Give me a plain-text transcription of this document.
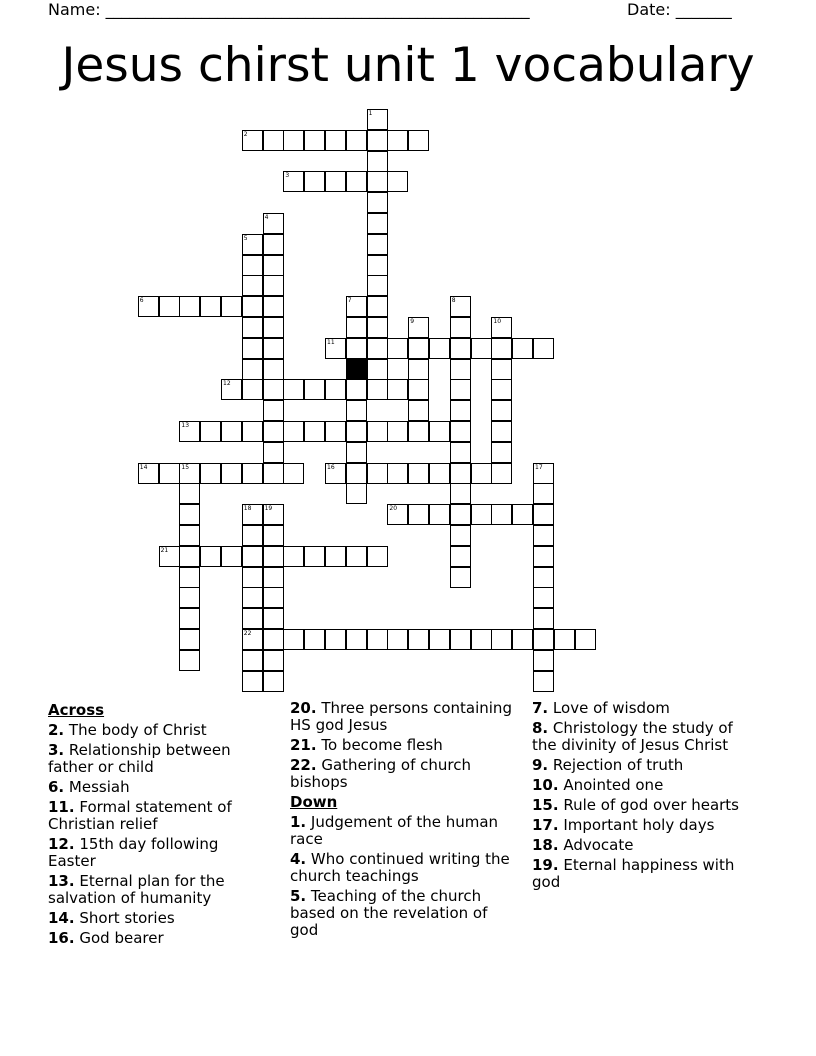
Name: _____________________________________________________	Date: _______
Jesus chirst unit 1 vocabulary
1
2
3
4
5
6	7	8
9	10
11
12
13
14	15	16	17
18
22
19	20
21
Across
2. The body of Christ
3. Relationship between father or child
6. Messiah
11. Formal statement of Christian relief
12. 15th day following Easter
13. Eternal plan for the salvation of humanity
14. Short stories
16. God bearer
20. Three persons containing HS god Jesus
21. To become flesh
22. Gathering of church bishops
Down
1. Judgement of the human race
4. Who continued writing the church teachings
5. Teaching of the church based on the revelation of god
7. Love of wisdom
8. Christology the study of the divinity of Jesus Christ
9. Rejection of truth
10. Anointed one
15. Rule of god over hearts
17. Important holy days
18. Advocate
19. Eternal happiness with god
